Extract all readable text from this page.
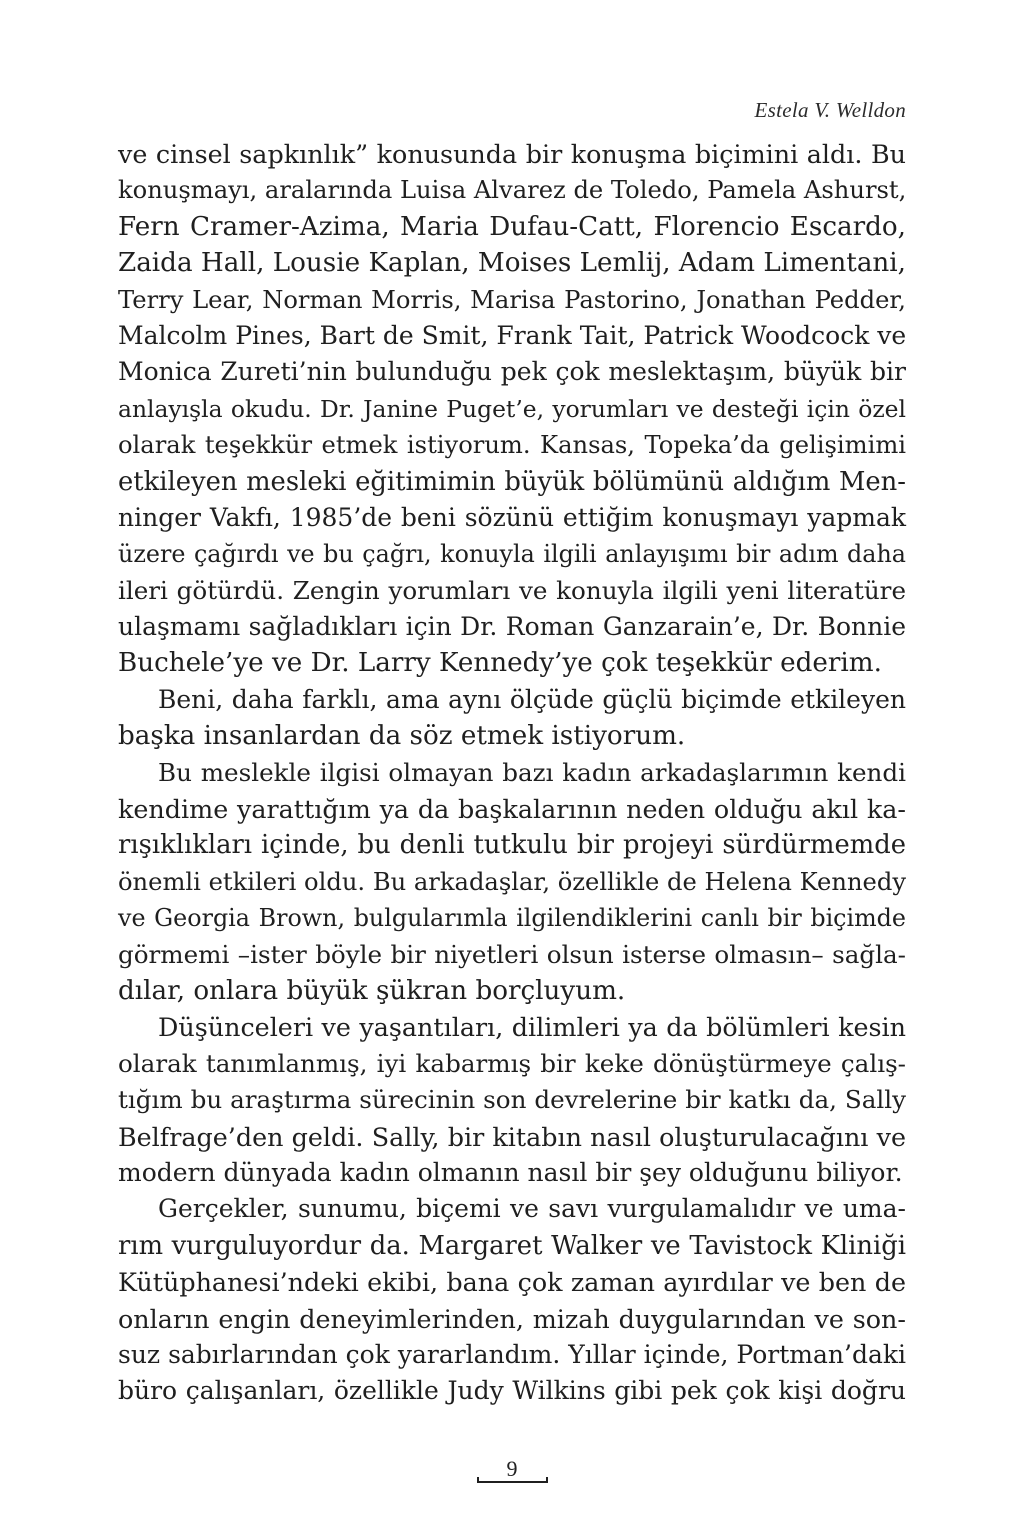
Estela V. Welldon
ve cinsel sapkınlık” konusunda bir konuşma biçimini aldı. Bu
konuşmayı, aralarında Luisa Alvarez de Toledo, Pamela Ashurst,
Fern Cramer-Azima, Maria Dufau-Catt, Florencio Escardo,
Zaida Hall, Lousie Kaplan, Moises Lemlij, Adam Limentani,
Terry Lear, Norman Morris, Marisa Pastorino, Jonathan Pedder,
Malcolm Pines, Bart de Smit, Frank Tait, Patrick Woodcock ve
Monica Zureti’nin bulunduğu pek çok meslektaşım, büyük bir
anlayışla okudu. Dr. Janine Puget’e, yorumları ve desteği için özel
olarak teşekkür etmek istiyorum. Kansas, Topeka’da gelişimimi
etkileyen mesleki eğitimimin büyük bölümünü aldığım Men-
ninger Vakfı, 1985’de beni sözünü ettiğim konuşmayı yapmak
üzere çağırdı ve bu çağrı, konuyla ilgili anlayışımı bir adım daha
ileri götürdü. Zengin yorumları ve konuyla ilgili yeni literatüre
ulaşmamı sağladıkları için Dr. Roman Ganzarain’e, Dr. Bonnie
Buchele’ye ve Dr. Larry Kennedy’ye çok teşekkür ederim.
Beni, daha farklı, ama aynı ölçüde güçlü biçimde etkileyen
başka insanlardan da söz etmek istiyorum.
Bu meslekle ilgisi olmayan bazı kadın arkadaşlarımın kendi
kendime yarattığım ya da başkalarının neden olduğu akıl ka-
rışıklıkları içinde, bu denli tutkulu bir projeyi sürdürmemde
önemli etkileri oldu. Bu arkadaşlar, özellikle de Helena Kennedy
ve Georgia Brown, bulgularımla ilgilendiklerini canlı bir biçimde
görmemi –ister böyle bir niyetleri olsun isterse olmasın– sağla-
dılar, onlara büyük şükran borçluyum.
Düşünceleri ve yaşantıları, dilimleri ya da bölümleri kesin
olarak tanımlanmış, iyi kabarmış bir keke dönüştürmeye çalış-
tığım bu araştırma sürecinin son devrelerine bir katkı da, Sally
Belfrage’den geldi. Sally, bir kitabın nasıl oluşturulacağını ve
modern dünyada kadın olmanın nasıl bir şey olduğunu biliyor.
Gerçekler, sunumu, biçemi ve savı vurgulamalıdır ve uma-
rım vurguluyordur da. Margaret Walker ve Tavistock Kliniği
Kütüphanesi’ndeki ekibi, bana çok zaman ayırdılar ve ben de
onların engin deneyimlerinden, mizah duygularından ve son-
suz sabırlarından çok yararlandım. Yıllar içinde, Portman’daki
büro çalışanları, özellikle Judy Wilkins gibi pek çok kişi doğru
9
